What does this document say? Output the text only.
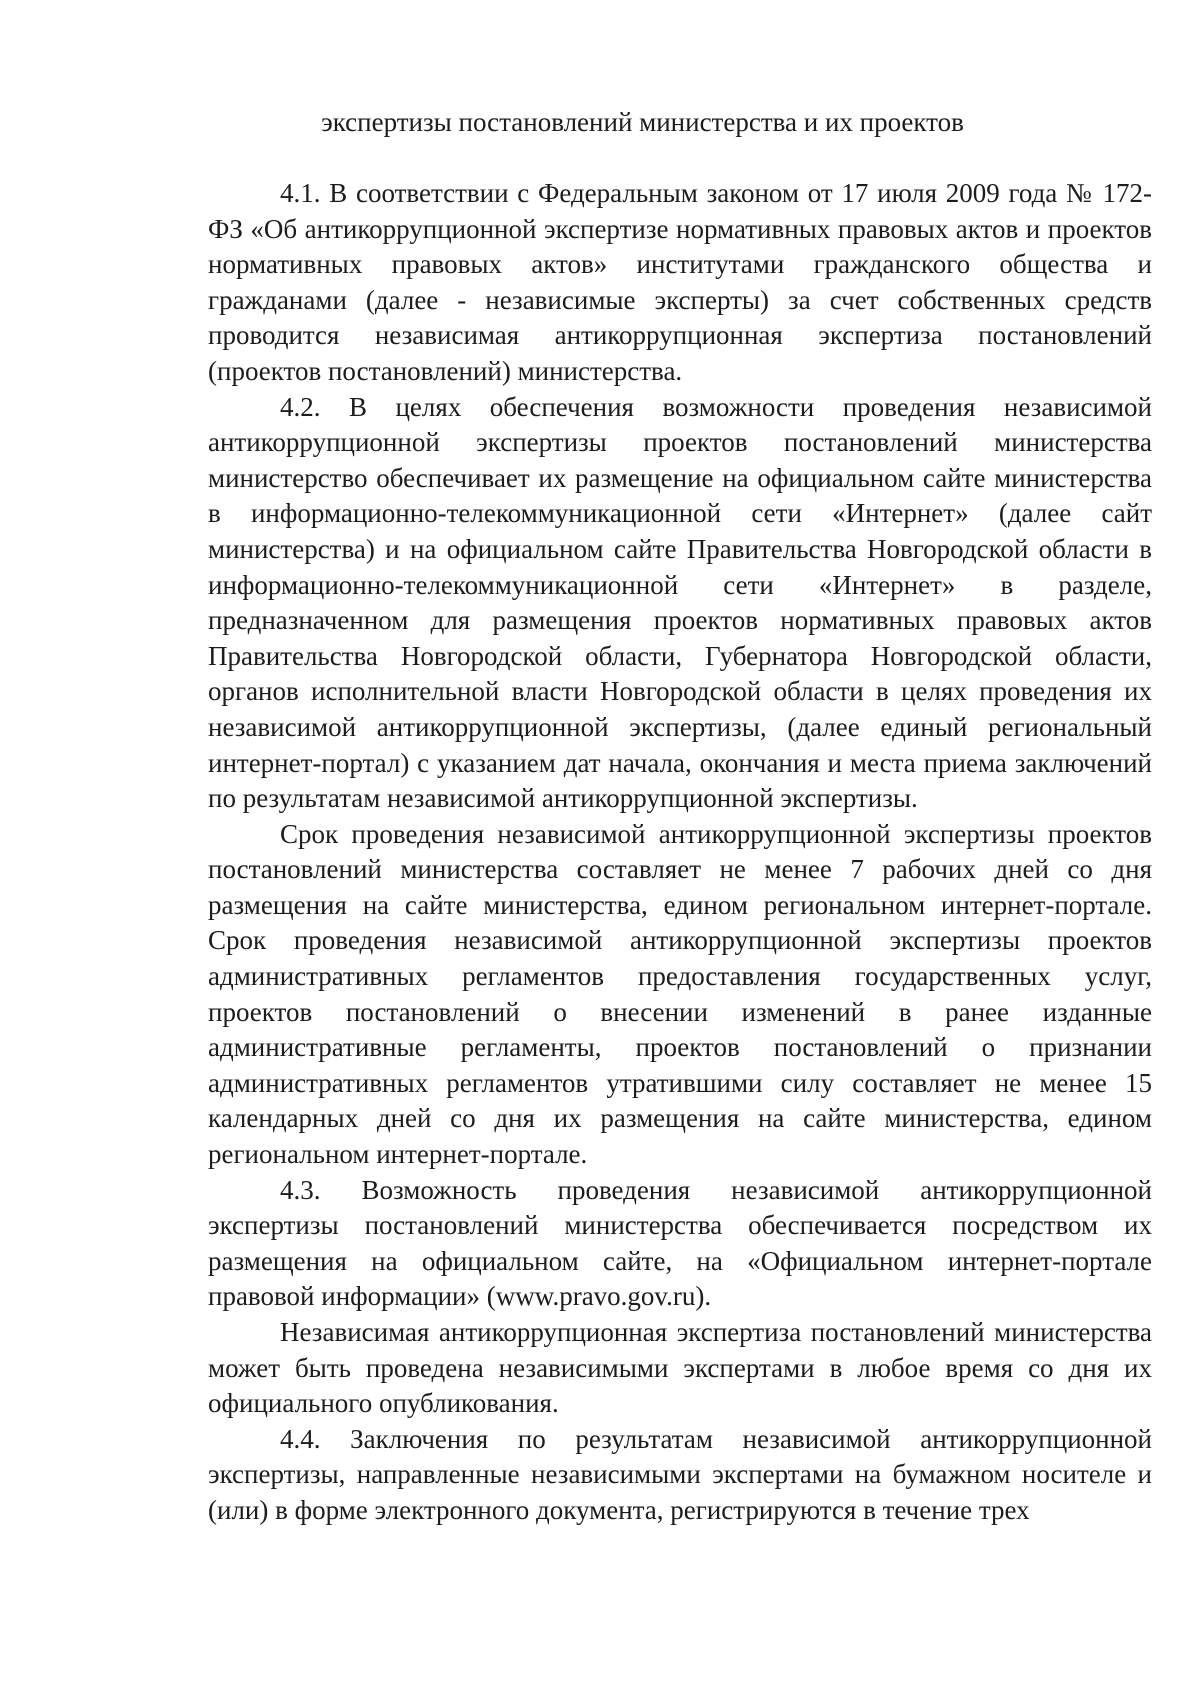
экспертизы постановлений министерства и их проектов

4.1. В соответствии с Федеральным законом от 17 июля 2009 года № 172-ФЗ «Об антикоррупционной экспертизе нормативных правовых актов и проектов нормативных правовых актов» институтами гражданского общества и гражданами (далее - независимые эксперты) за счет собственных средств проводится независимая антикоррупционная экспертиза постановлений (проектов постановлений) министерства.

4.2. В целях обеспечения возможности проведения независимой антикоррупционной экспертизы проектов постановлений министерства министерство обеспечивает их размещение на официальном сайте министерства в информационно-телекоммуникационной сети «Интернет» (далее сайт министерства) и на официальном сайте Правительства Новгородской области в информационно-телекоммуникационной сети «Интернет» в разделе, предназначенном для размещения проектов нормативных правовых актов Правительства Новгородской области, Губернатора Новгородской области, органов исполнительной власти Новгородской области в целях проведения их независимой антикоррупционной экспертизы, (далее единый региональный интернет-портал) с указанием дат начала, окончания и места приема заключений по результатам независимой антикоррупционной экспертизы.

Срок проведения независимой антикоррупционной экспертизы проектов постановлений министерства составляет не менее 7 рабочих дней со дня размещения на сайте министерства, едином региональном интернет-портале. Срок проведения независимой антикоррупционной экспертизы проектов административных регламентов предоставления государственных услуг, проектов постановлений о внесении изменений в ранее изданные административные регламенты, проектов постановлений о признании административных регламентов утратившими силу составляет не менее 15 календарных дней со дня их размещения на сайте министерства, едином региональном интернет-портале.

4.3. Возможность проведения независимой антикоррупционной экспертизы постановлений министерства обеспечивается посредством их размещения на официальном сайте, на «Официальном интернет-портале правовой информации» (www.pravo.gov.ru).

Независимая антикоррупционная экспертиза постановлений министерства может быть проведена независимыми экспертами в любое время со дня их официального опубликования.

4.4. Заключения по результатам независимой антикоррупционной экспертизы, направленные независимыми экспертами на бумажном носителе и (или) в форме электронного документа, регистрируются в течение трех
